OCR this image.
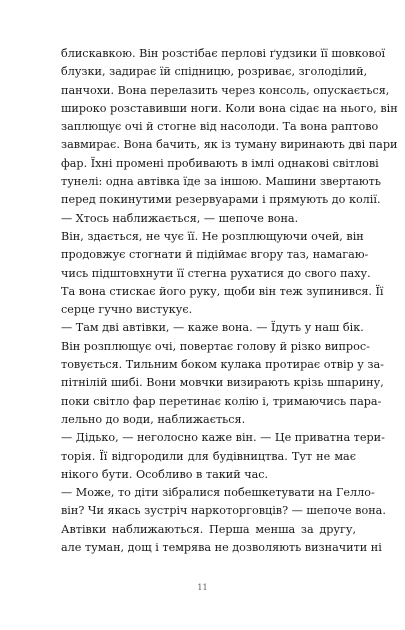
блискавкою. Він розстібає перлові ґудзики її шовкової
блузки, задирає їй спідницю, розриває, зголоділий,
панчохи. Вона перелазить через консоль, опускається,
широко розставивши ноги. Коли вона сідає на нього, він
заплющує очі й стогне від насолоди. Та вона раптово
завмирає. Вона бачить, як із туману виринають дві пари
фар. Їхні промені пробивають в імлі однакові світлові
тунелі: одна автівка їде за іншою. Машини звертають
перед покинутими резервуарами і прямують до колії.
— Хтось наближається, — шепоче вона.
Він, здається, не чує її. Не розплющуючи очей, він
продовжує стогнати й підіймає вгору таз, намагаю-
чись підштовхнути її стегна рухатися до свого паху.
Та вона стискає його руку, щоби він теж зупинився. Її
серце гучно вистукує.
— Там дві автівки, — каже вона. — Їдуть у наш бік.
Він розплющує очі, повертає голову й різко випрос-
товується. Тильним боком кулака протирає отвір у за-
пітнілій шибі. Вони мовчки визирають крізь шпарину,
поки світло фар перетинає колію і, тримаючись пара-
лельно до води, наближається.
— Дідько, — неголосно каже він. — Це приватна тери-
торія. Її відгородили для будівництва. Тут не має
нікого бути. Особливо в такий час.
— Може, то діти зібралися побешкетувати на Гелло-
він? Чи якась зустріч наркоторговців? — шепоче вона.
Автівки наближаються. Перша менша за другу,
але туман, дощ і темрява не дозволяють визначити ні
11
